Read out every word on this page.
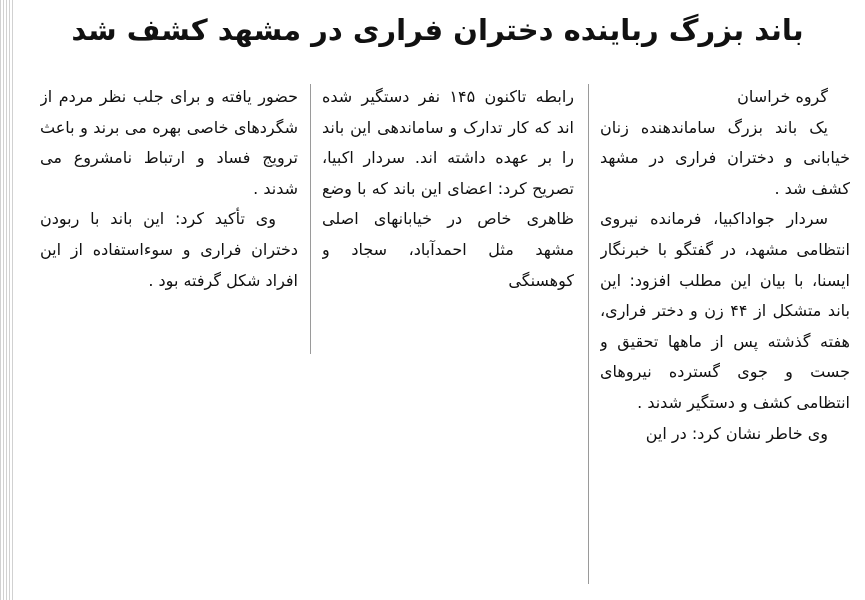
باند بزرگ رباینده دختران فراری در مشهد کشف شد

گروه خراسان

یک باند بزرگ ساماندهنده زنان خیابانی و دختران فراری در مشهد کشف شد .

سردار جواداکبیا، فرمانده نیروی انتظامی مشهد، در گفتگو با خبرنگار ایسنا، با بیان این مطلب افزود: این باند متشکل از ۴۴ زن و دختر فراری، هفته گذشته پس از ماهها تحقیق و جست و جوی گسترده نیروهای انتظامی کشف و دستگیر شدند .

وی خاطر نشان کرد: در این

رابطه تاکنون ۱۴۵ نفر دستگیر شده اند که کار تدارک و ساماندهی این باند را بر عهده داشته اند. سردار اکبیا، تصریح کرد: اعضای این باند که با وضع ظاهری خاص در خیابانهای اصلی مشهد مثل احمدآباد، سجاد و کوهسنگی

حضور یافته و برای جلب نظر مردم از شگردهای خاصی بهره می برند و باعث ترویج فساد و ارتباط نامشروع می شدند .

وی تأکید کرد: این باند با ربودن دختران فراری و سوءاستفاده از این افراد شکل گرفته بود .
